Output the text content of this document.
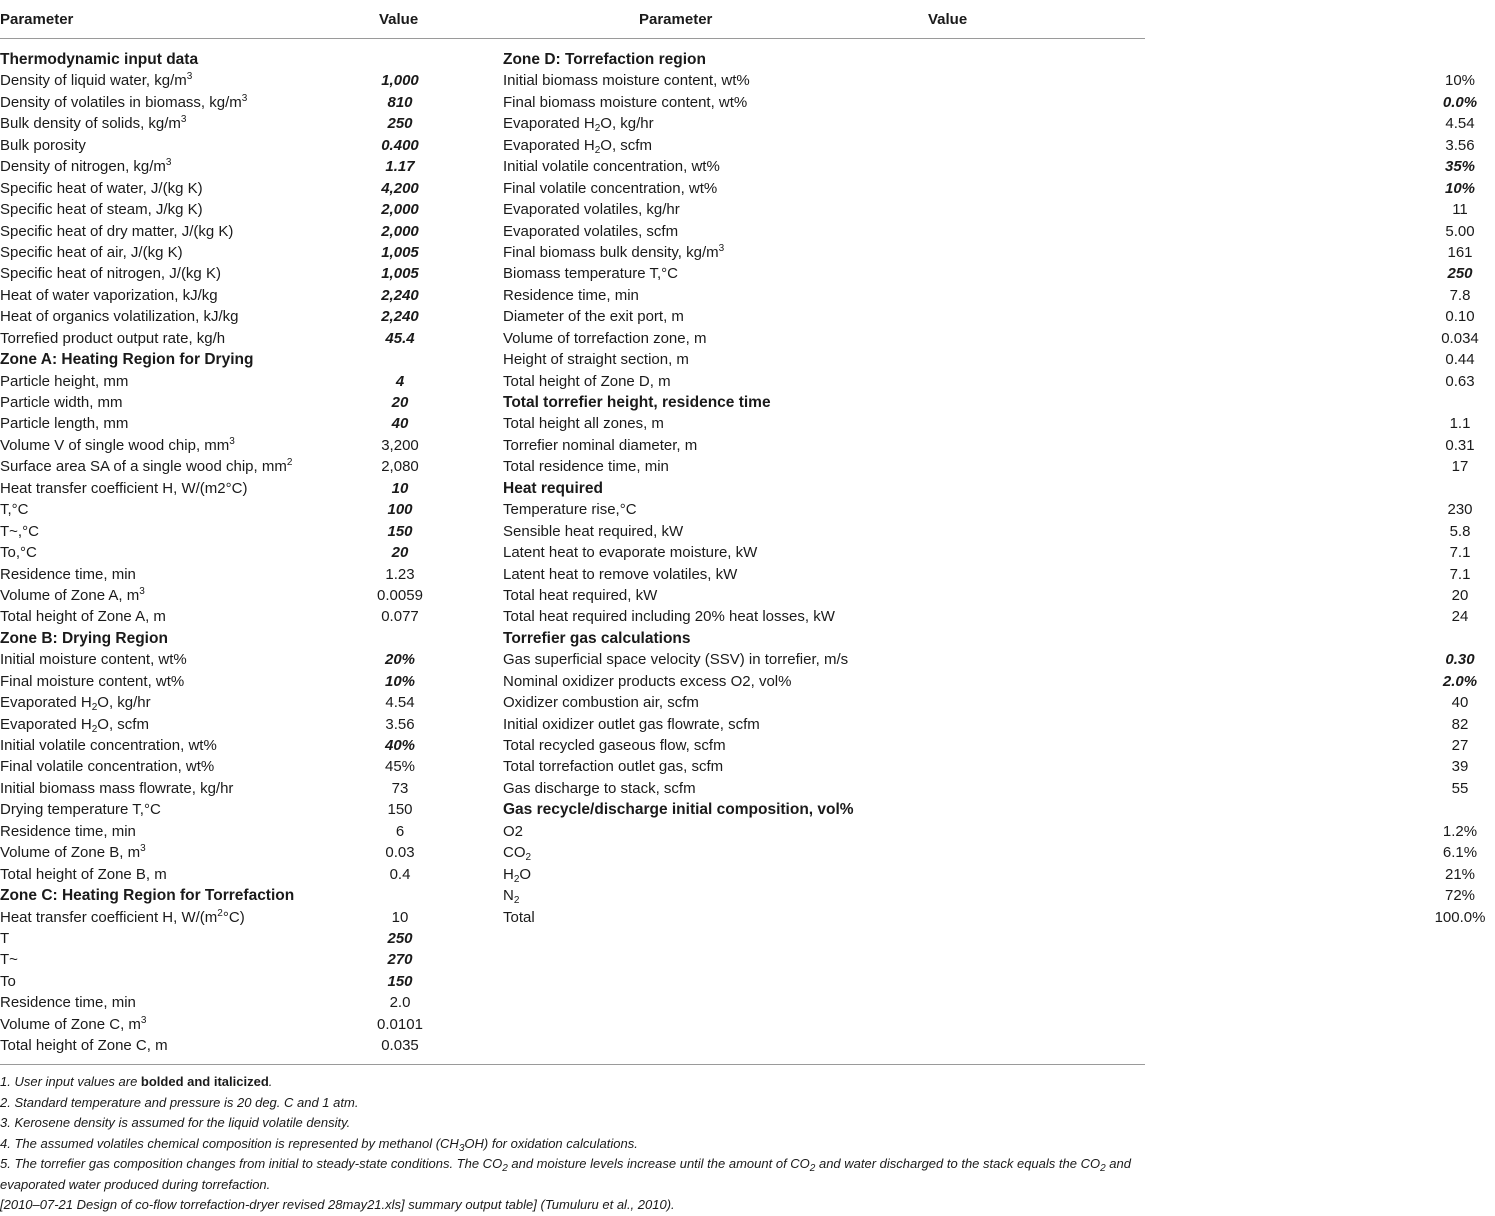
Parameter	Value	Parameter	Value
Thermodynamic input data
Density of liquid water, $kg/m^3$	1,000
Density of volatiles in biomass, $kg/m^3$	810
Bulk density of solids, $kg/m^3$	250
Bulk porosity	0.400
Density of nitrogen, $kg/m^3$	1.17
Specific heat of water, J/(kg K)	4,200
Specific heat of steam, J/kg K)	2,000
Specific heat of dry matter, J/(kg K)	2,000
Specific heat of air, J/(kg K)	1,005
Specific heat of nitrogen, J/(kg K)	1,005
Heat of water vaporization, kJ/kg	2,240
Heat of organics volatilization, kJ/kg	2,240
Torrefied product output rate, kg/h	45.4
Zone A: Heating Region for Drying
Particle height, mm	4
Particle width, mm	20
Particle length, mm	40
Volume V of single wood chip, $mm^3$	3,200
Surface area SA of a single wood chip, $mm^2$	2,080
Heat transfer coefficient H, W/(m2°C)	10
T,°C	100
T~,°C	150
To,°C	20
Residence time, min	1.23
Volume of Zone A, $m^3$	0.0059
Total height of Zone A, m	0.077
Zone B: Drying Region
Initial moisture content, wt%	20%
Final moisture content, wt%	10%
Evaporated $H_2O$, kg/hr	4.54
Evaporated $H_2O$, scfm	3.56
Initial volatile concentration, wt%	40%
Final volatile concentration, wt%	45%
Initial biomass mass flowrate, kg/hr	73
Drying temperature T,°C	150
Residence time, min	6
Volume of Zone B, $m^3$	0.03
Total height of Zone B, m	0.4
Zone C: Heating Region for Torrefaction
Heat transfer coefficient H, $W/(m^2^\circ C)$	10
T	250
T~	270
To	150
Residence time, min	2.0
Volume of Zone C, $m^3$	0.0101
Total height of Zone C, m	0.035
Zone D: Torrefaction region
Initial biomass moisture content, wt%	10%
Final biomass moisture content, wt%	0.0%
Evaporated $H_2O$, kg/hr	4.54
Evaporated $H_2O$, scfm	3.56
Initial volatile concentration, wt%	35%
Final volatile concentration, wt%	10%
Evaporated volatiles, kg/hr	11
Evaporated volatiles, scfm	5.00
Final biomass bulk density, $kg/m^3$	161
Biomass temperature T,°C	250
Residence time, min	7.8
Diameter of the exit port, m	0.10
Volume of torrefaction zone, m	0.034
Height of straight section, m	0.44
Total height of Zone D, m	0.63
Total torrefier height, residence time
Total height all zones, m	1.1
Torrefier nominal diameter, m	0.31
Total residence time, min	17
Heat required
Temperature rise,°C	230
Sensible heat required, kW	5.8
Latent heat to evaporate moisture, kW	7.1
Latent heat to remove volatiles, kW	7.1
Total heat required, kW	20
Total heat required including 20% heat losses, kW	24
Torrefier gas calculations
Gas superficial space velocity (SSV) in torrefier, m/s	0.30
Nominal oxidizer products excess O2, vol%	2.0%
Oxidizer combustion air, scfm	40
Initial oxidizer outlet gas flowrate, scfm	82
Total recycled gaseous flow, scfm	27
Total torrefaction outlet gas, scfm	39
Gas discharge to stack, scfm	55
Gas recycle/discharge initial composition, vol%
O2	1.2%
$CO_2$	6.1%
$H_2O$	21%
$N_2$	72%
Total	100.0%

1. User input values are bolded and italicized.

2. Standard temperature and pressure is 20 deg. C and 1 atm.

3. Kerosene density is assumed for the liquid volatile density.

4. The assumed volatiles chemical composition is represented by methanol $(CH_3OH)$ for oxidation calculations.

5. The torrefier gas composition changes from initial to steady-state conditions. The $CO_2$ and moisture levels increase until the amount of $CO_2$ and water discharged to the stack equals the $CO_2$ and evaporated water produced during torrefaction.

[2010–07-21 Design of co-flow torrefaction-dryer revised 28may21.xls] summary output table] (Tumuluru et al., 2010).
